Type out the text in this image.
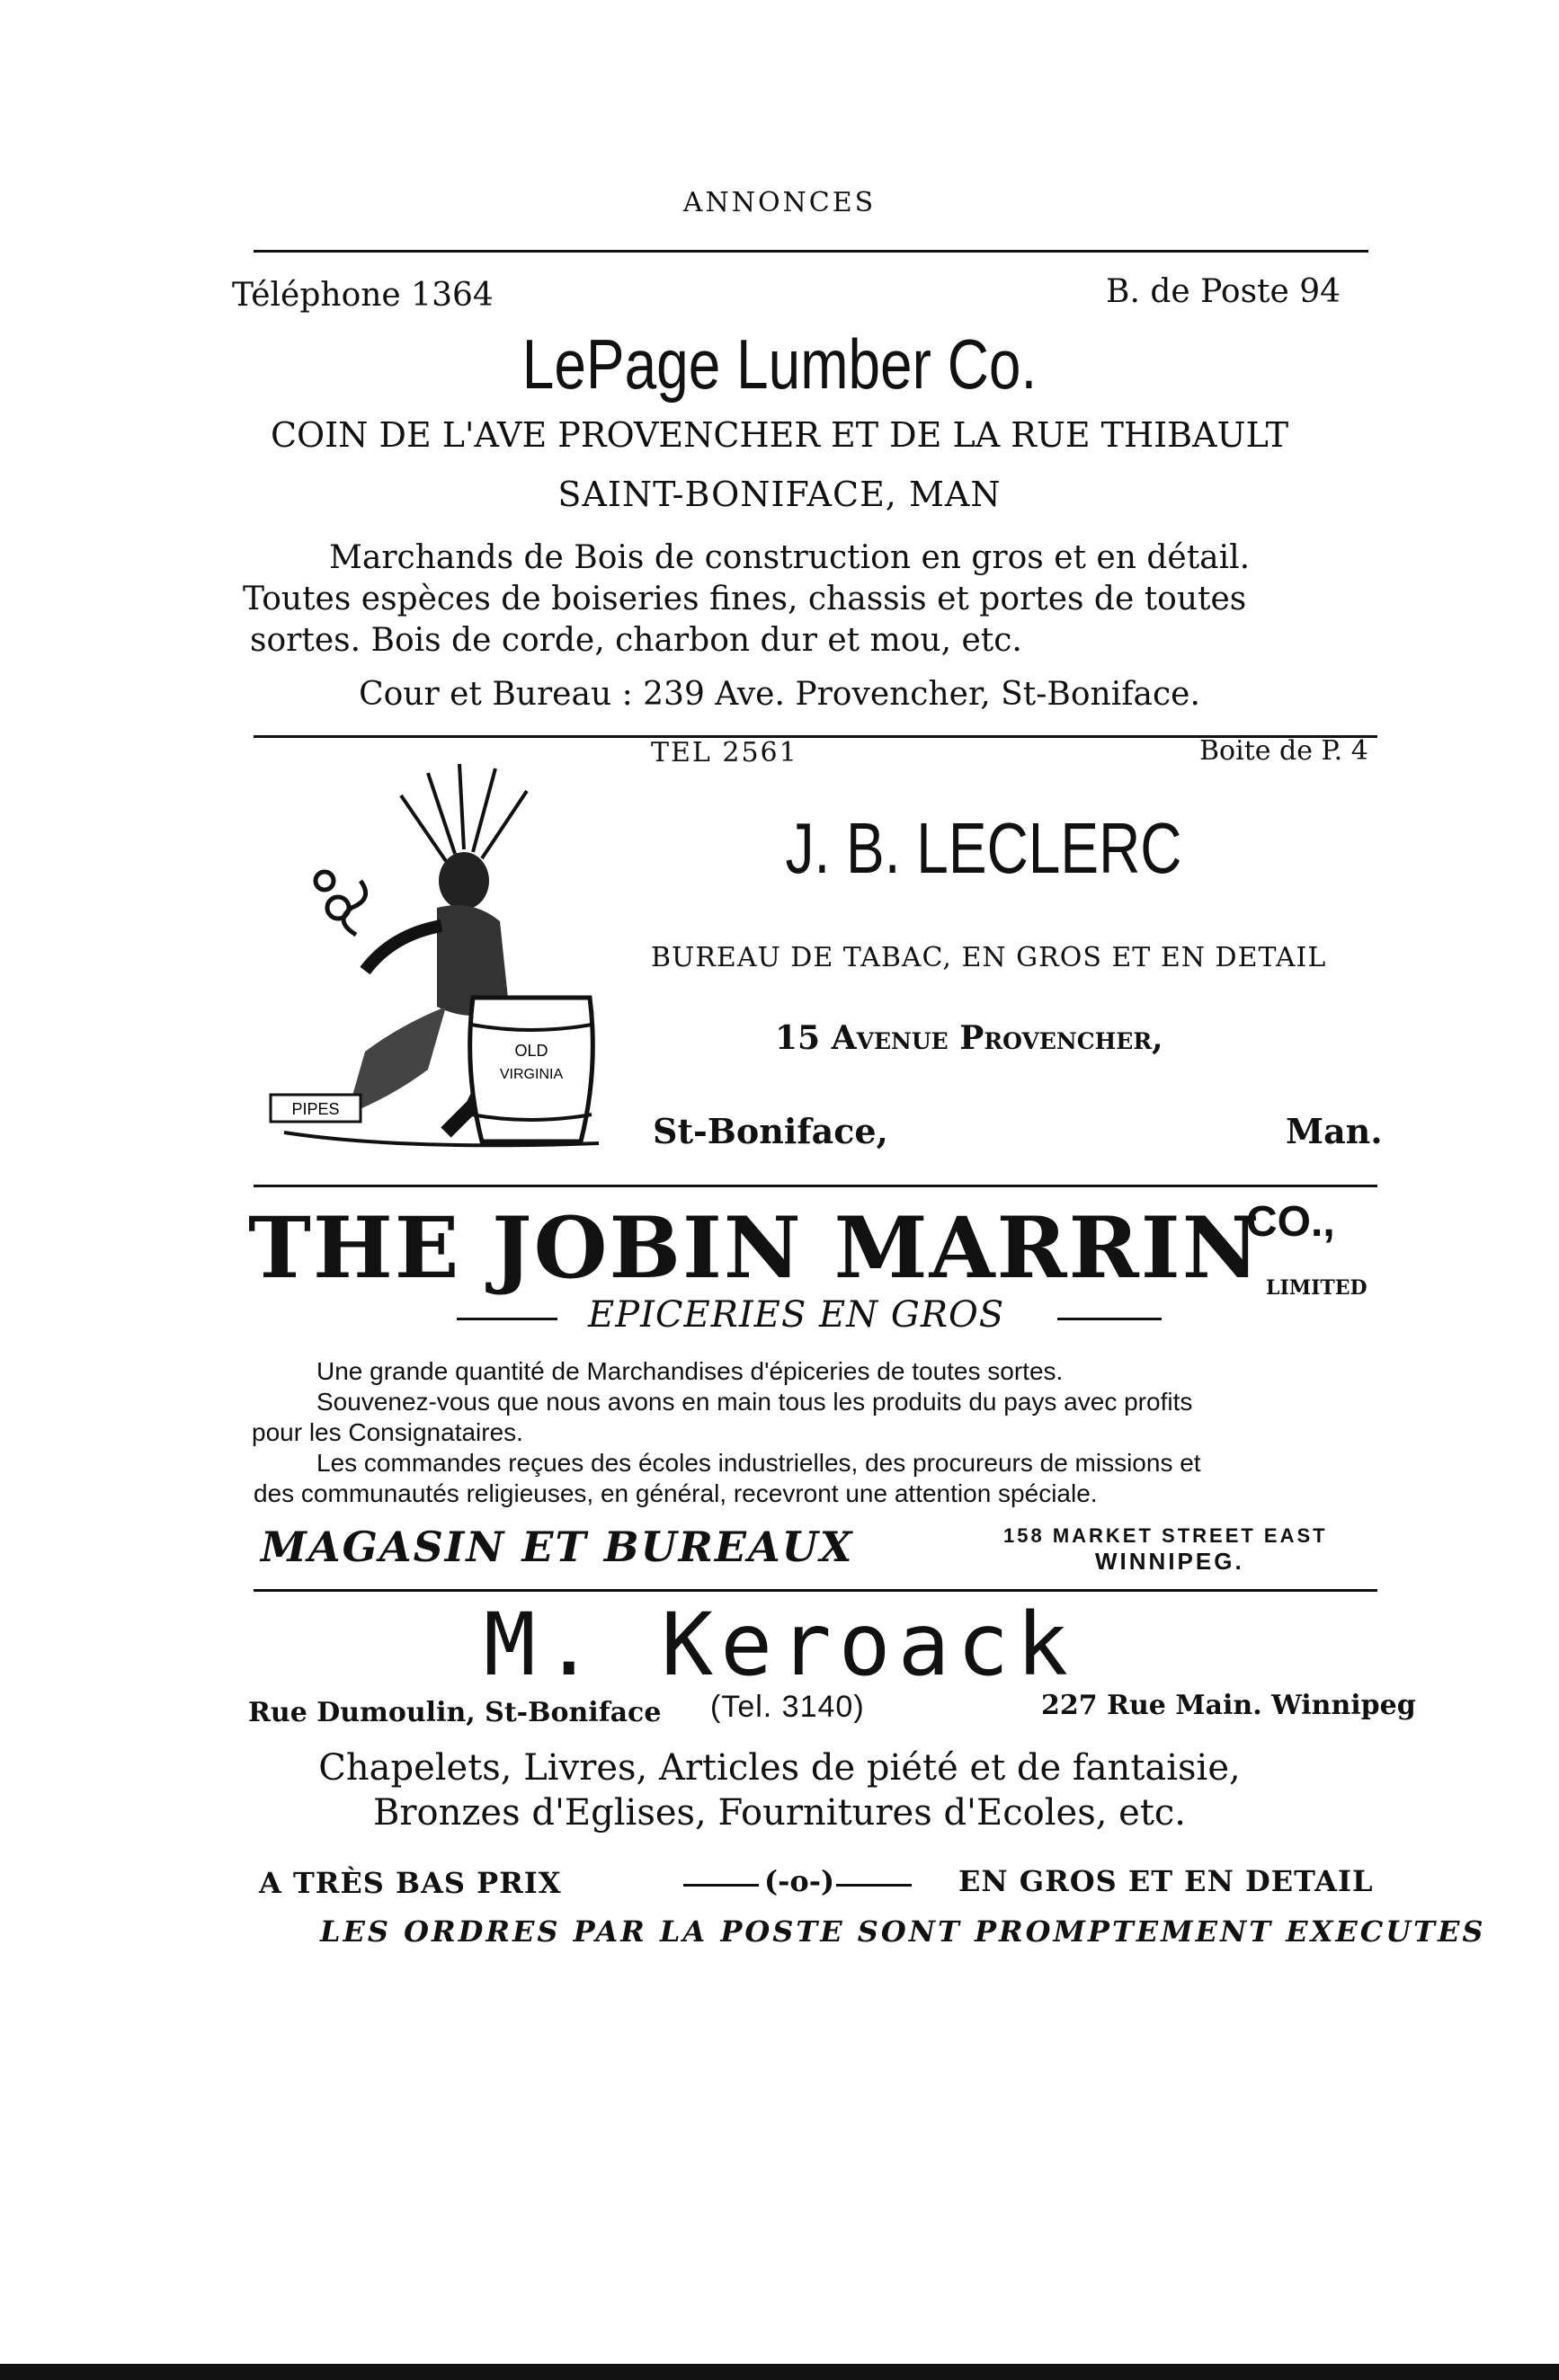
ANNONCES
Téléphone 1364	B. de Poste 94
LePage Lumber Co.
COIN DE L'AVE PROVENCHER ET DE LA RUE THIBAULT
SAINT-BONIFACE, MAN
Marchands de Bois de construction en gros et en détail.
Toutes espèces de boiseries fines, chassis et portes de toutes
sortes. Bois de corde, charbon dur et mou, etc.
Cour et Bureau : 239 Ave. Provencher, St-Boniface.
OLD
VIRGINIA
PIPES
TEL 2561	Boite de P. 4
J. B. LECLERC
BUREAU DE TABAC, EN GROS ET EN DETAIL
15 Avenue Provencher,
St-Boniface,	Man.
THE JOBIN MARRIN
CO.,
LIMITED
EPICERIES EN GROS
Une grande quantité de Marchandises d'épiceries de toutes sortes.
Souvenez-vous que nous avons en main tous les produits du pays avec profits
pour les Consignataires.
Les commandes reçues des écoles industrielles, des procureurs de missions et
des communautés religieuses, en général, recevront une attention spéciale.
MAGASIN ET BUREAUX	158 MARKET STREET EAST
WINNIPEG.
M. Keroack
Rue Dumoulin, St-Boniface (Tel. 3140)	227 Rue Main. Winnipeg
Chapelets, Livres, Articles de piété et de fantaisie,
Bronzes d'Eglises, Fournitures d'Ecoles, etc.
A TRÈS BAS PRIX	(-o-)	EN GROS ET EN DETAIL
LES ORDRES PAR LA POSTE SONT PROMPTEMENT EXECUTES
